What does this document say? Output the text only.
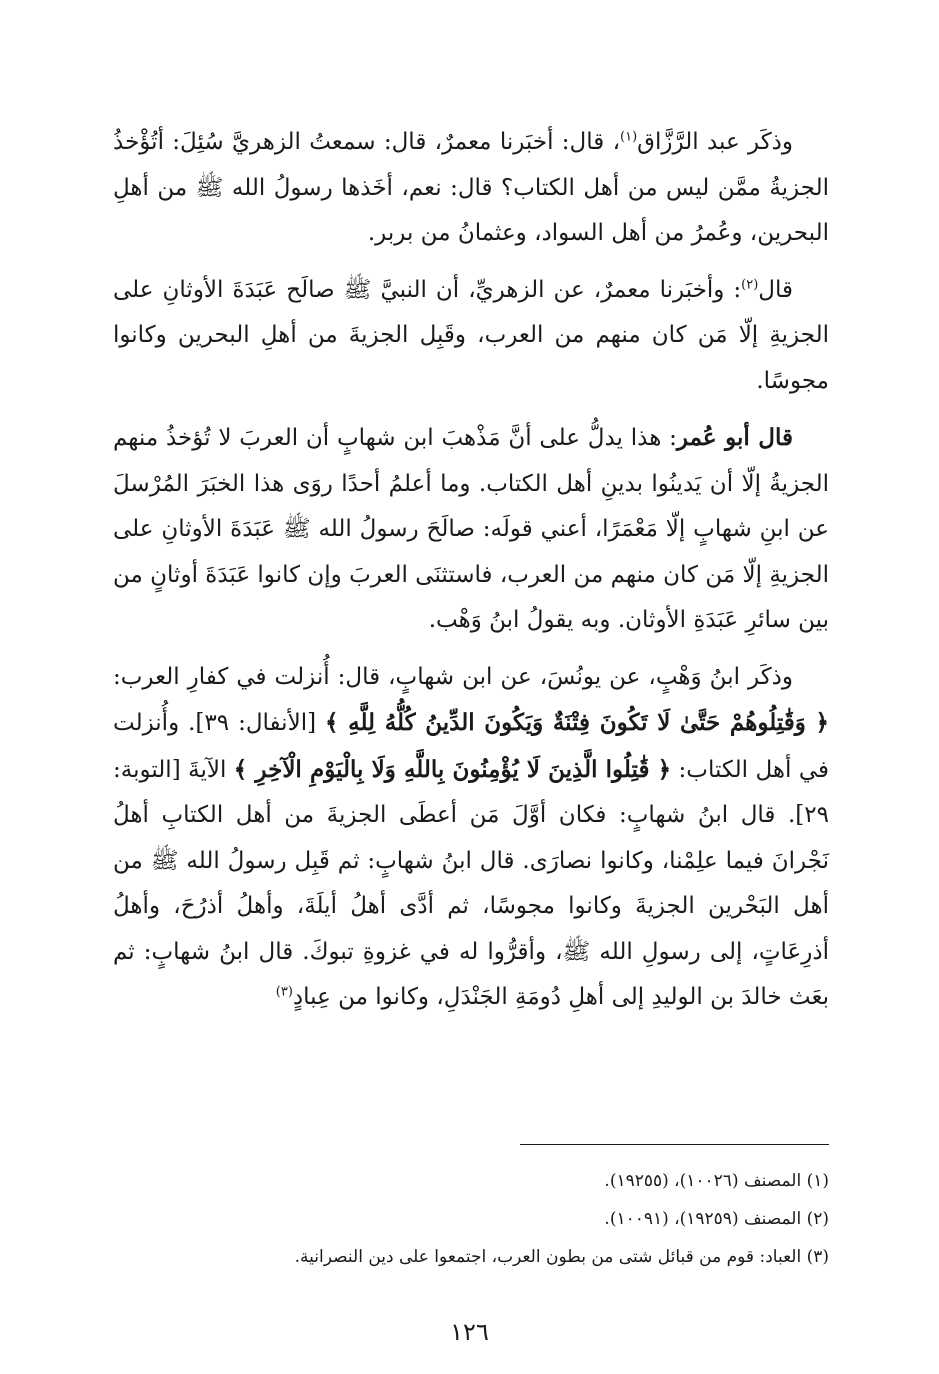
وذكَر عبد الرَّزَّاق$^{(١)}$، قال: أخبَرنا معمرٌ، قال: سمعتُ الزهريَّ سُئِلَ: أتُؤْخذُ الجزيةُ ممَّن ليس من أهل الكتاب؟ قال: نعم، أخَذها رسولُ الله ﷺ من أهلِ البحرين، وعُمرُ من أهل السواد، وعثمانُ من بربر.

قال$^{(٢)}$: وأخبَرنا معمرٌ، عن الزهريِّ، أن النبيَّ ﷺ صالَح عَبَدَةَ الأوثانِ على الجزيةِ إلّا مَن كان منهم من العرب، وقَبِل الجزيةَ من أهلِ البحرين وكانوا مجوسًا.

قال أبو عُمر: هذا يدلُّ على أنَّ مَذْهبَ ابن شهابٍ أن العربَ لا تُؤخذُ منهم الجزيةُ إلّا أن يَدينُوا بدينِ أهل الكتاب. وما أعلمُ أحدًا روَى هذا الخبَرَ المُرْسلَ عن ابنِ شهابٍ إلّا مَعْمَرًا، أعني قولَه: صالَحَ رسولُ الله ﷺ عَبَدَةَ الأوثانِ على الجزيةِ إلّا مَن كان منهم من العرب، فاستثنَى العربَ وإن كانوا عَبَدَةَ أوثانٍ من بين سائرِ عَبَدَةِ الأوثان. وبه يقولُ ابنُ وَهْب.

وذكَر ابنُ وَهْبٍ، عن يونُسَ، عن ابن شهابٍ، قال: أُنزلت في كفارِ العرب: ﴿ وَقَٰتِلُوهُمْ حَتَّىٰ لَا تَكُونَ فِتْنَةٌ وَيَكُونَ الدِّينُ كُلُّهُ لِلَّهِ ﴾ [الأنفال: ٣٩]. وأُنزلت في أهل الكتاب: ﴿ قَٰتِلُوا الَّذِينَ لَا يُؤْمِنُونَ بِاللَّهِ وَلَا بِالْيَوْمِ الْآخِرِ ﴾ الآيةَ [التوبة: ٢٩]. قال ابنُ شهابٍ: فكان أوَّلَ مَن أعطَى الجزيةَ من أهل الكتابِ أهلُ نَجْرانَ فيما علِمْنا، وكانوا نصارَى. قال ابنُ شهابٍ: ثم قَبِل رسولُ الله ﷺ من أهل البَحْرين الجزيةَ وكانوا مجوسًا، ثم أدَّى أهلُ أيلَةَ، وأهلُ أذرُحَ، وأهلُ أذرِعَاتٍ، إلى رسولِ الله ﷺ، وأقرُّوا له في غزوةِ تبوكَ. قال ابنُ شهابٍ: ثم بعَث خالدَ بن الوليدِ إلى أهلِ دُومَةِ الجَنْدَلِ، وكانوا من عِبادٍ$^{(٣)}$

(١) المصنف (١٠٠٢٦)، (١٩٢٥٥).

(٢) المصنف (١٩٢٥٩)، (١٠٠٩١).

(٣) العباد: قوم من قبائل شتى من بطون العرب، اجتمعوا على دين النصرانية.

١٢٦
